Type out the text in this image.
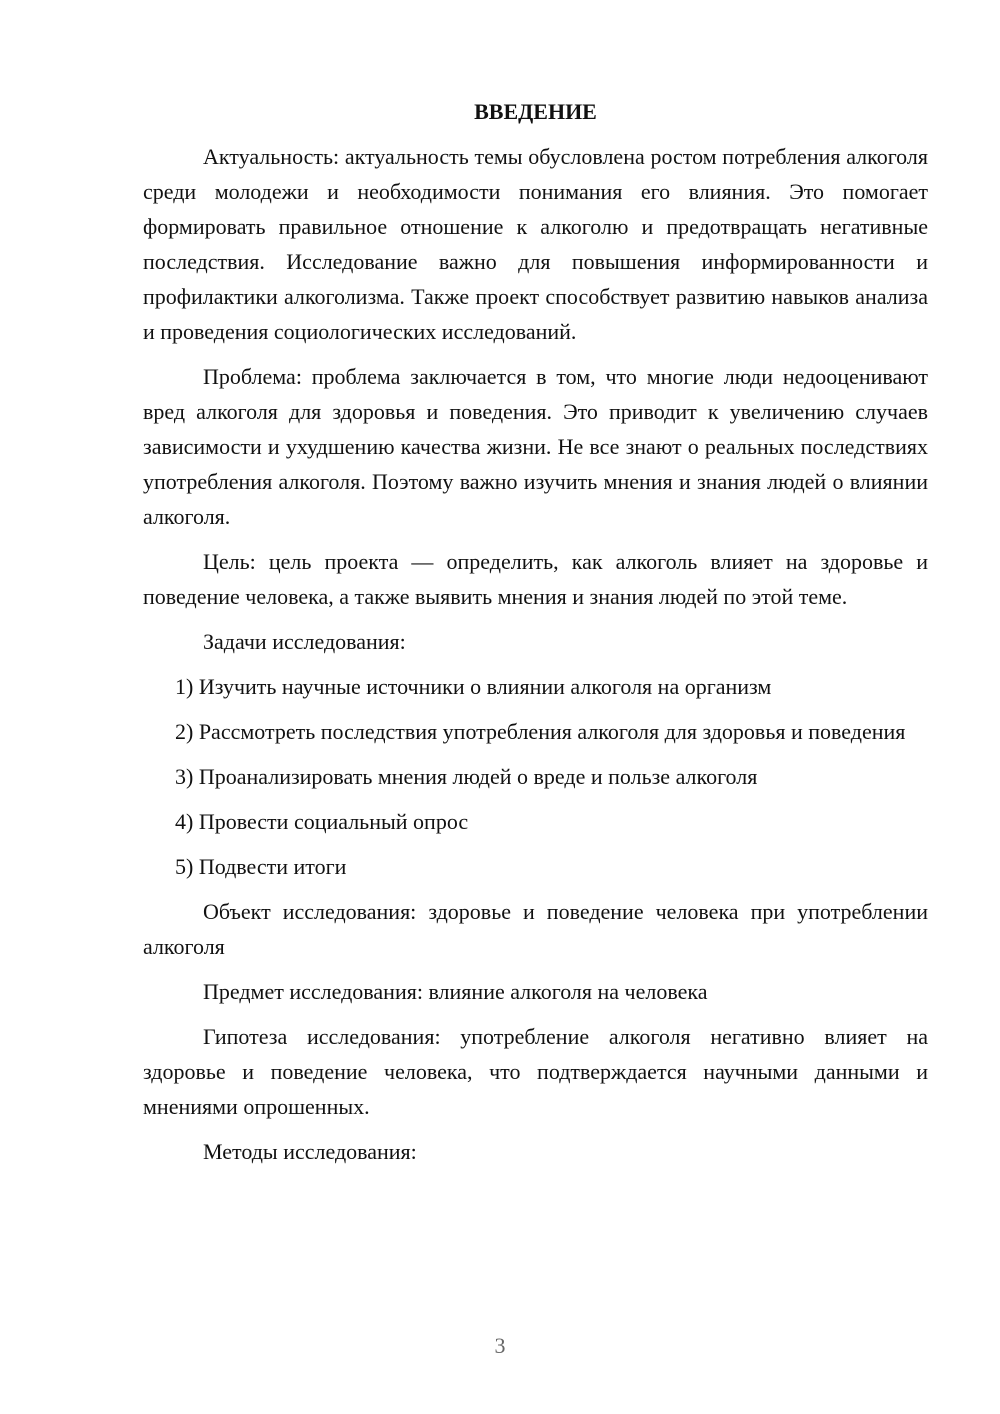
ВВЕДЕНИЕ

Актуальность: актуальность темы обусловлена ростом потребления алкоголя среди молодежи и необходимости понимания его влияния. Это помогает формировать правильное отношение к алкоголю и предотвращать негативные последствия. Исследование важно для повышения информированности и профилактики алкоголизма. Также проект способствует развитию навыков анализа и проведения социологических исследований.

Проблема: проблема заключается в том, что многие люди недооценивают вред алкоголя для здоровья и поведения. Это приводит к увеличению случаев зависимости и ухудшению качества жизни. Не все знают о реальных последствиях употребления алкоголя. Поэтому важно изучить мнения и знания людей о влиянии алкоголя.

Цель: цель проекта — определить, как алкоголь влияет на здоровье и поведение человека, а также выявить мнения и знания людей по этой теме.

Задачи исследования:

1) Изучить научные источники о влиянии алкоголя на организм

2) Рассмотреть последствия употребления алкоголя для здоровья и поведения

3) Проанализировать мнения людей о вреде и пользе алкоголя

4) Провести социальный опрос

5) Подвести итоги

Объект исследования: здоровье и поведение человека при употреблении алкоголя

Предмет исследования: влияние алкоголя на человека

Гипотеза исследования: употребление алкоголя негативно влияет на здоровье и поведение человека, что подтверждается научными данными и мнениями опрошенных.

Методы исследования:

3
